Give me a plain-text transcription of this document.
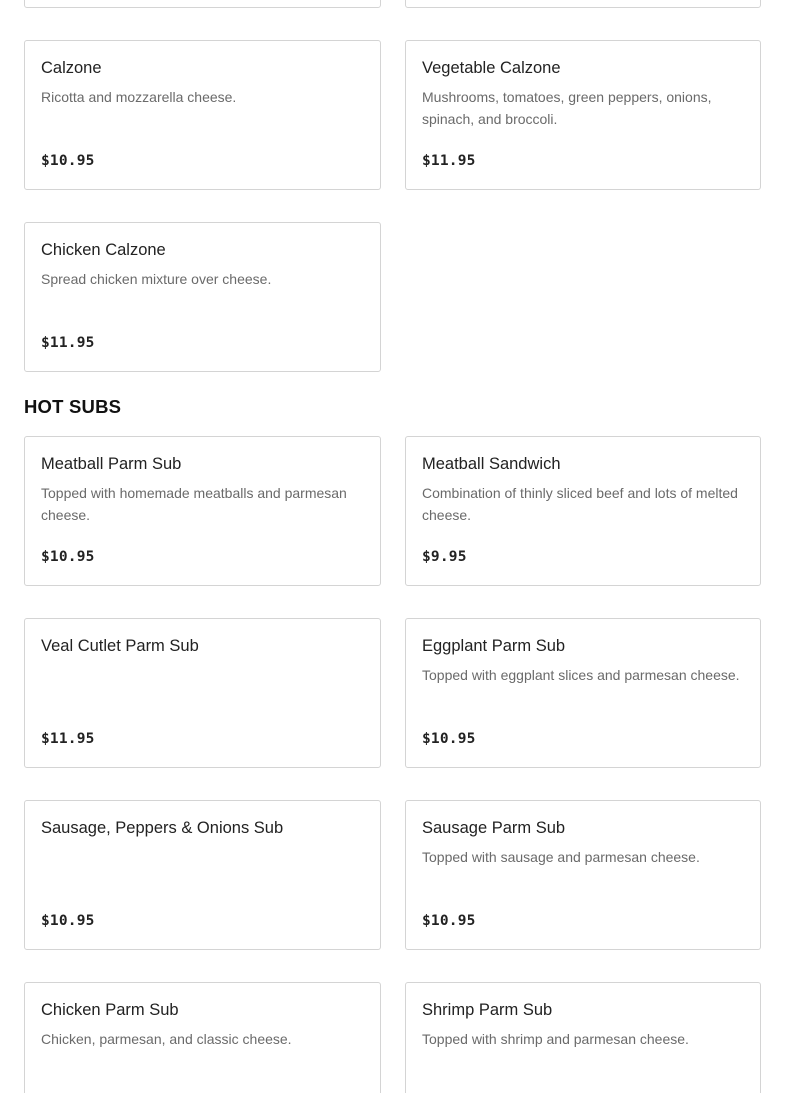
Calzone
Ricotta and mozzarella cheese.
$10.95
Vegetable Calzone
Mushrooms, tomatoes, green peppers, onions, spinach, and broccoli.
$11.95
Chicken Calzone
Spread chicken mixture over cheese.
$11.95
HOT SUBS
Meatball Parm Sub
Topped with homemade meatballs and parmesan cheese.
$10.95
Meatball Sandwich
Combination of thinly sliced beef and lots of melted cheese.
$9.95
Veal Cutlet Parm Sub
$11.95
Eggplant Parm Sub
Topped with eggplant slices and parmesan cheese.
$10.95
Sausage, Peppers & Onions Sub
$10.95
Sausage Parm Sub
Topped with sausage and parmesan cheese.
$10.95
Chicken Parm Sub
Chicken, parmesan, and classic cheese.
Shrimp Parm Sub
Topped with shrimp and parmesan cheese.
